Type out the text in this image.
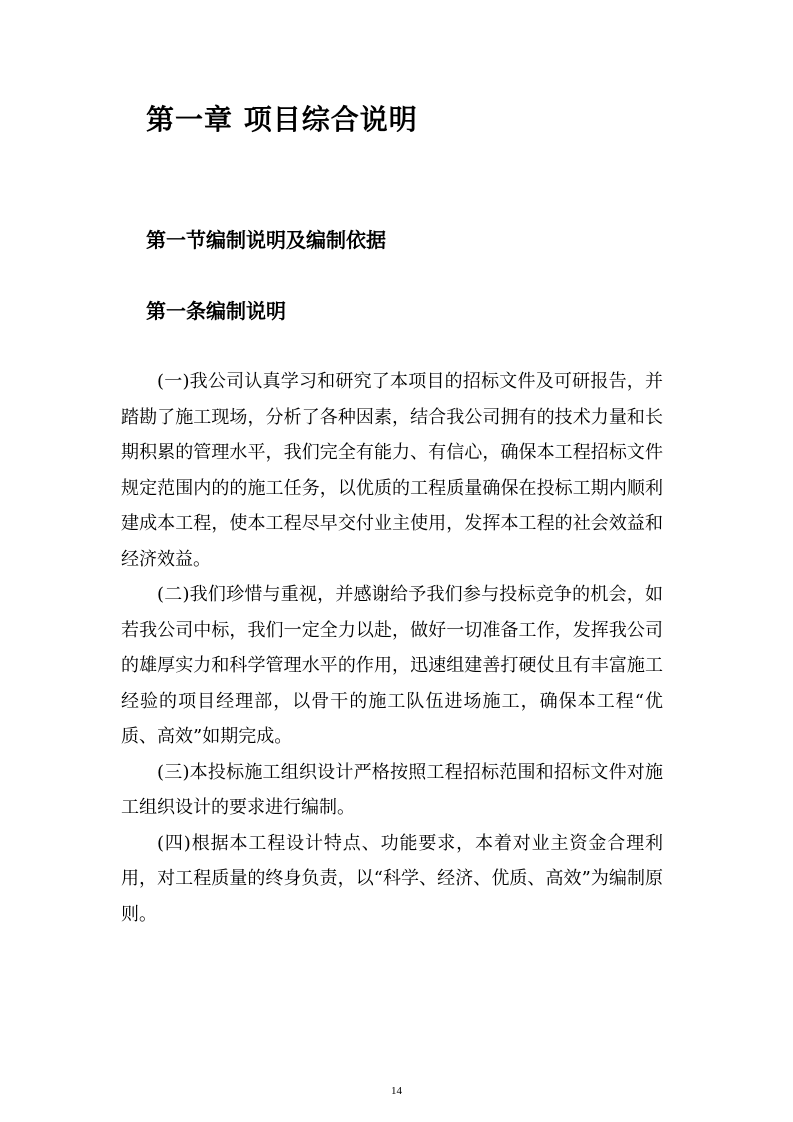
第一章 项目综合说明
第一节编制说明及编制依据
第一条编制说明

(一)我公司认真学习和研究了本项目的招标文件及可研报告，并踏勘了施工现场，分析了各种因素，结合我公司拥有的技术力量和长期积累的管理水平，我们完全有能力、有信心，确保本工程招标文件规定范围内的的施工任务，以优质的工程质量确保在投标工期内顺利建成本工程，使本工程尽早交付业主使用，发挥本工程的社会效益和经济效益。

(二)我们珍惜与重视，并感谢给予我们参与投标竞争的机会，如若我公司中标，我们一定全力以赴，做好一切准备工作，发挥我公司的雄厚实力和科学管理水平的作用，迅速组建善打硬仗且有丰富施工经验的项目经理部，以骨干的施工队伍进场施工，确保本工程“优质、高效”如期完成。

(三)本投标施工组织设计严格按照工程招标范围和招标文件对施工组织设计的要求进行编制。

(四)根据本工程设计特点、功能要求，本着对业主资金合理利用，对工程质量的终身负责，以“科学、经济、优质、高效”为编制原则。

14
